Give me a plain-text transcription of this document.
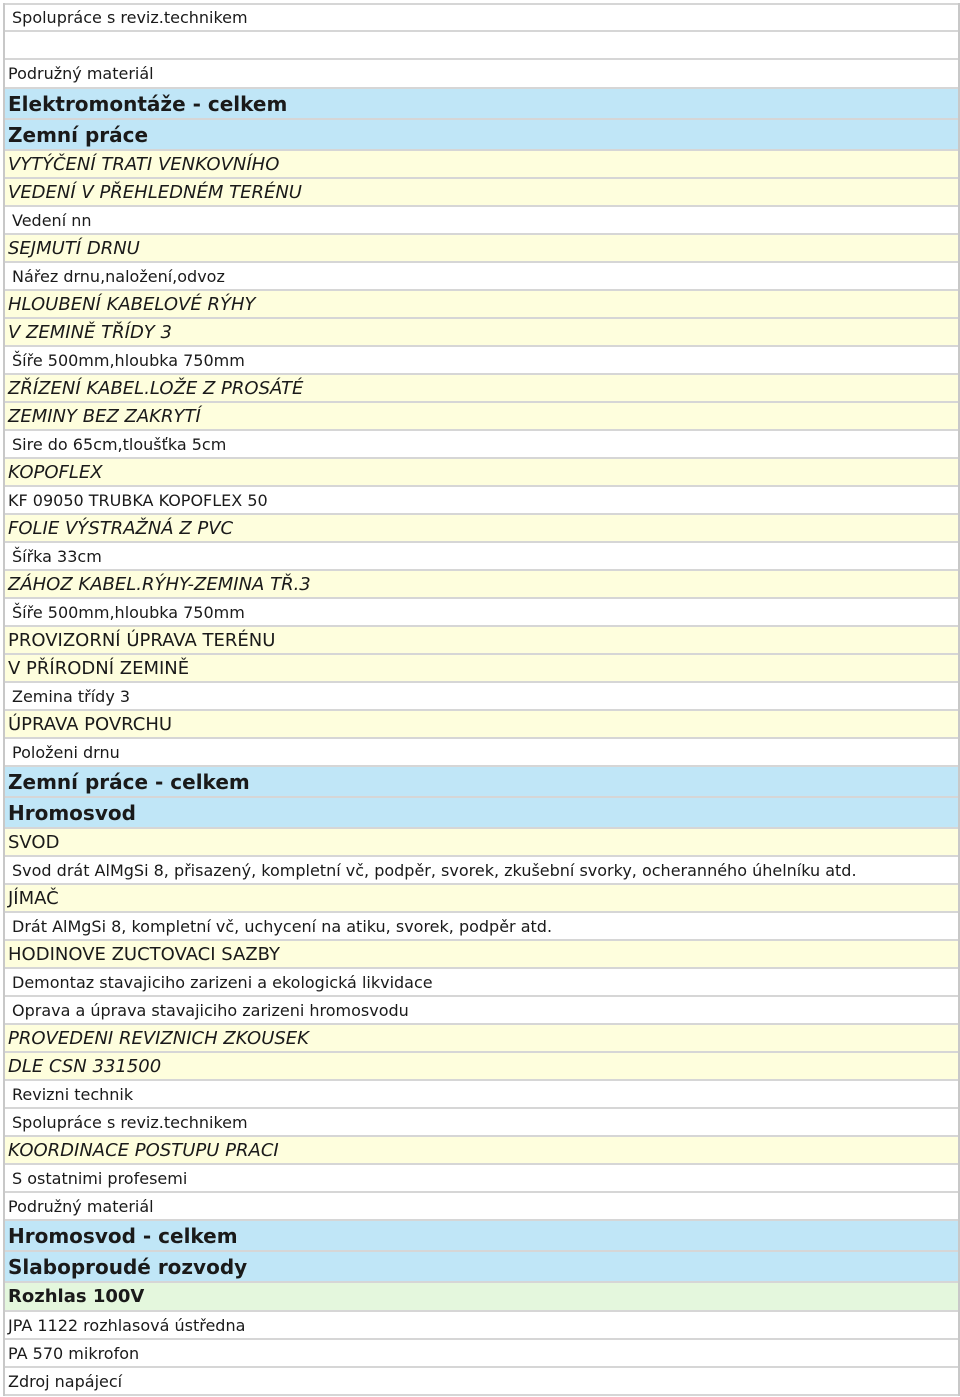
Spolupráce s reviz.technikem
Podružný materiál
Elektromontáže - celkem
Zemní práce
VYTÝČENÍ TRATI VENKOVNÍHO
VEDENÍ V PŘEHLEDNÉM TERÉNU
Vedení nn
SEJMUTÍ DRNU
Nářez drnu,naložení,odvoz
HLOUBENÍ KABELOVÉ RÝHY
V ZEMINĚ TŘÍDY 3
Šíře 500mm,hloubka 750mm
ZŘÍZENÍ KABEL.LOŽE Z PROSÁTÉ
ZEMINY BEZ ZAKRYTÍ
Sire do 65cm,tloušťka 5cm
KOPOFLEX
KF 09050 TRUBKA KOPOFLEX 50
FOLIE VÝSTRAŽNÁ Z PVC
Šířka 33cm
ZÁHOZ KABEL.RÝHY-ZEMINA TŘ.3
Šíře 500mm,hloubka 750mm
PROVIZORNÍ ÚPRAVA TERÉNU
V PŘÍRODNÍ ZEMINĚ
Zemina třídy 3
ÚPRAVA POVRCHU
Položeni drnu
Zemní práce - celkem
Hromosvod
SVOD
Svod drát AlMgSi 8, přisazený, kompletní vč, podpěr, svorek, zkušební svorky, ocheranného úhelníku atd.
JÍMAČ
Drát AlMgSi 8, kompletní vč, uchycení na atiku, svorek, podpěr atd.
HODINOVE ZUCTOVACI SAZBY
Demontaz stavajiciho zarizeni a ekologická likvidace
Oprava a úprava stavajiciho zarizeni hromosvodu
PROVEDENI REVIZNICH ZKOUSEK
DLE CSN 331500
Revizni technik
Spolupráce s reviz.technikem
KOORDINACE POSTUPU PRACI
S ostatnimi profesemi
Podružný materiál
Hromosvod - celkem
Slaboproudé rozvody
Rozhlas 100V
JPA 1122 rozhlasová ústředna
PA 570 mikrofon
Zdroj napájecí
